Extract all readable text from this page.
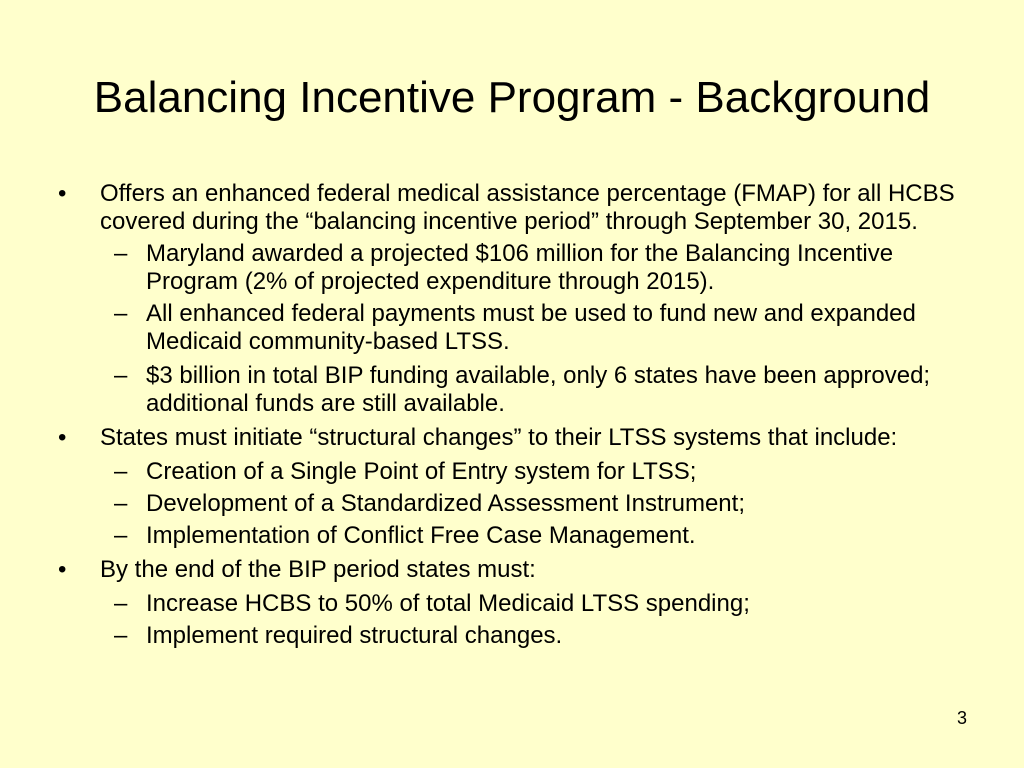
Balancing Incentive Program - Background
•	Offers an enhanced federal medical assistance percentage (FMAP) for all HCBS covered during the “balancing incentive period” through September 30, 2015.
– Maryland awarded a projected $106 million for the Balancing Incentive Program (2% of projected expenditure through 2015).
– All enhanced federal payments must be used to fund new and expanded Medicaid community-based LTSS.
– $3 billion in total BIP funding available, only 6 states have been approved; additional funds are still available.
•	States must initiate “structural changes” to their LTSS systems that include:
– Creation of a Single Point of Entry system for LTSS;
– Development of a Standardized Assessment Instrument;
– Implementation of Conflict Free Case Management.
•	By the end of the BIP period states must:
– Increase HCBS to 50% of total Medicaid LTSS spending;
– Implement required structural changes.
3
